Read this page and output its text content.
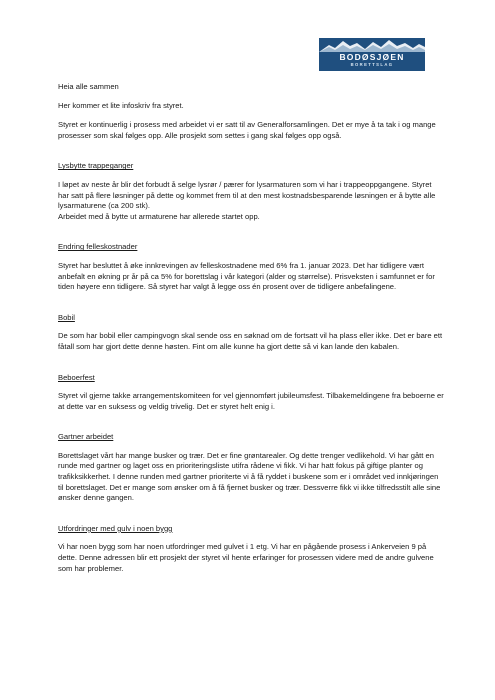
BODØSJØEN
BORETTSLAG

Heia alle sammen

Her kommer et lite infoskriv fra styret.

Styret er kontinuerlig i prosess med arbeidet vi er satt til av Generalforsamlingen. Det er mye å ta tak i og mange prosesser som skal følges opp. Alle prosjekt som settes i gang skal følges opp også.

Lysbytte trappeganger

I løpet av neste år blir det forbudt å selge lysrør / pærer for lysarmaturen som vi har i trappeoppgangene. Styret har satt på flere løsninger på dette og kommet frem til at den mest kostnadsbesparende løsningen er å bytte alle lysarmaturene (ca 200 stk).

Arbeidet med å bytte ut armaturene har allerede startet opp.

Endring felleskostnader

Styret har besluttet å øke innkrevingen av felleskostnadene med 6% fra 1. januar 2023. Det har tidligere vært anbefalt en økning pr år på ca 5% for borettslag i vår kategori (alder og størrelse). Prisveksten i samfunnet er for tiden høyere enn tidligere. Så styret har valgt å legge oss én prosent over de tidligere anbefalingene.

Bobil

De som har bobil eller campingvogn skal sende oss en søknad om de fortsatt vil ha plass eller ikke. Det er bare ett fåtall som har gjort dette denne høsten. Fint om alle kunne ha gjort dette så vi kan lande den kabalen.

Beboerfest

Styret vil gjerne takke arrangementskomiteen for vel gjennomført jubileumsfest. Tilbakemeldingene fra beboerne er at dette var en suksess og veldig trivelig. Det er styret helt enig i.

Gartner arbeidet

Borettslaget vårt har mange busker og trær. Det er fine grøntarealer. Og dette trenger vedlikehold. Vi har gått en runde med gartner og laget oss en prioriteringsliste utifra rådene vi fikk. Vi har hatt fokus på giftige planter og trafikksikkerhet. I denne runden med gartner prioriterte vi å få ryddet i buskene som er i området ved innkjøringen til borettslaget. Det er mange som ønsker om å få fjernet busker og trær. Dessverre fikk vi ikke tilfredsstilt alle sine ønsker denne gangen.

Utfordringer med gulv i noen bygg

Vi har noen bygg som har noen utfordringer med gulvet i 1 etg. Vi har en pågående prosess i Ankerveien 9 på dette. Denne adressen blir ett prosjekt der styret vil hente erfaringer for prosessen videre med de andre gulvene som har problemer.
